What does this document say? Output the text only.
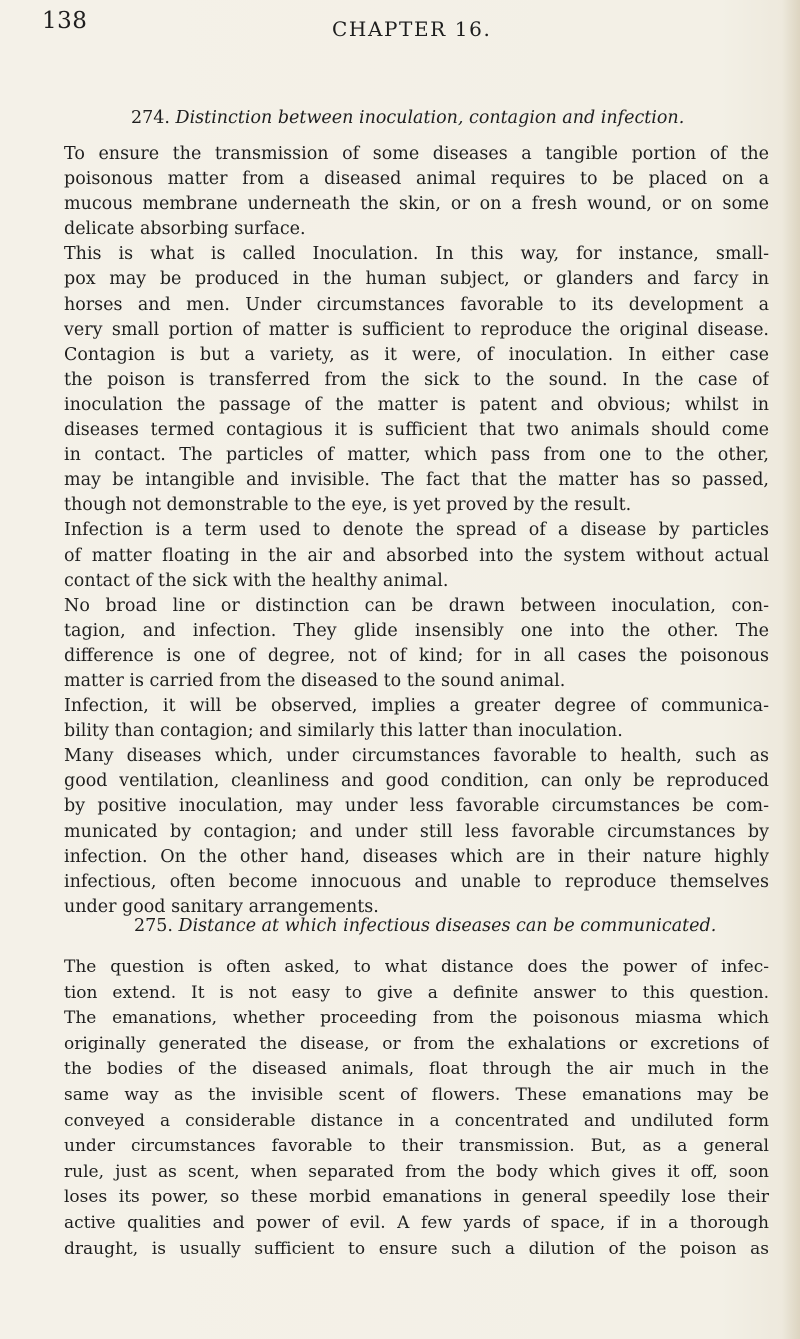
138	CHAPTER 16.
274. Distinction between inoculation, contagion and infection.
To ensure the transmission of some diseases a tangible portion of the
poisonous matter from a diseased animal requires to be placed on a
mucous membrane underneath the skin, or on a fresh wound, or on some
delicate absorbing surface.
This is what is called Inoculation. In this way, for instance, small-
pox may be produced in the human subject, or glanders and farcy in
horses and men. Under circumstances favorable to its development a
very small portion of matter is sufficient to reproduce the original disease.
Contagion is but a variety, as it were, of inoculation. In either case
the poison is transferred from the sick to the sound. In the case of
inoculation the passage of the matter is patent and obvious; whilst in
diseases termed contagious it is sufficient that two animals should come
in contact. The particles of matter, which pass from one to the other,
may be intangible and invisible. The fact that the matter has so passed,
though not demonstrable to the eye, is yet proved by the result.
Infection is a term used to denote the spread of a disease by particles
of matter floating in the air and absorbed into the system without actual
contact of the sick with the healthy animal.
No broad line or distinction can be drawn between inoculation, con-
tagion, and infection. They glide insensibly one into the other. The
difference is one of degree, not of kind; for in all cases the poisonous
matter is carried from the diseased to the sound animal.
Infection, it will be observed, implies a greater degree of communica-
bility than contagion; and similarly this latter than inoculation.
Many diseases which, under circumstances favorable to health, such as
good ventilation, cleanliness and good condition, can only be reproduced
by positive inoculation, may under less favorable circumstances be com-
municated by contagion; and under still less favorable circumstances by
infection. On the other hand, diseases which are in their nature highly
infectious, often become innocuous and unable to reproduce themselves
under good sanitary arrangements.
275. Distance at which infectious diseases can be communicated.
The question is often asked, to what distance does the power of infec-
tion extend. It is not easy to give a definite answer to this question.
The emanations, whether proceeding from the poisonous miasma which
originally generated the disease, or from the exhalations or excretions of
the bodies of the diseased animals, float through the air much in the
same way as the invisible scent of flowers. These emanations may be
conveyed a considerable distance in a concentrated and undiluted form
under circumstances favorable to their transmission. But, as a general
rule, just as scent, when separated from the body which gives it off, soon
loses its power, so these morbid emanations in general speedily lose their
active qualities and power of evil. A few yards of space, if in a thorough
draught, is usually sufficient to ensure such a dilution of the poison as
